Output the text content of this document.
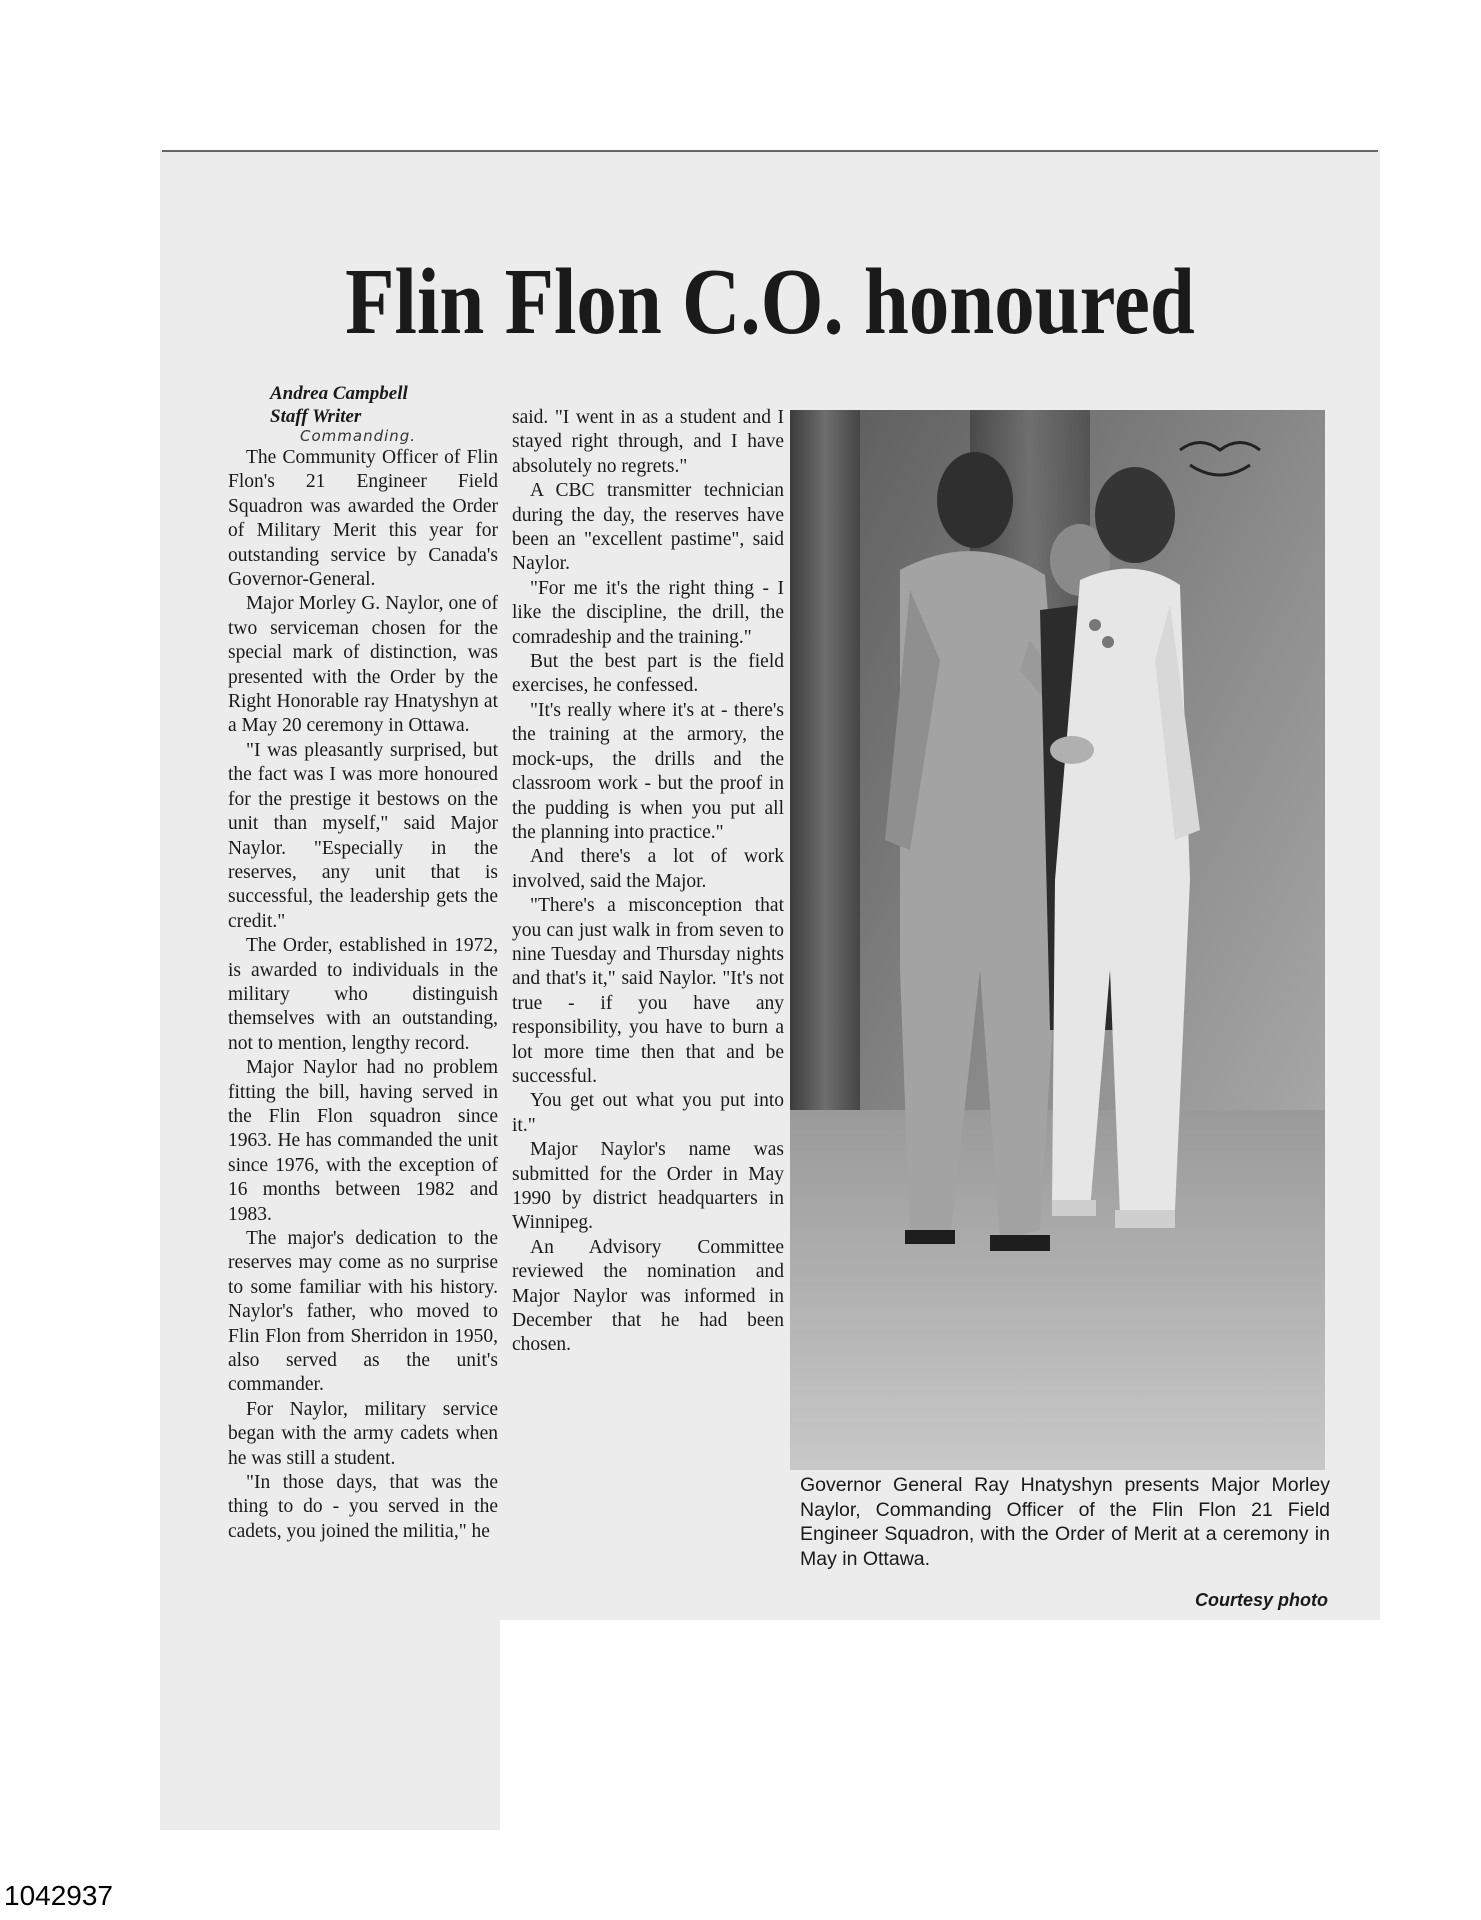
Flin Flon C.O. honoured
Andrea Campbell
Staff Writer
Commanding.

The Community Officer of Flin Flon's 21 Engineer Field Squadron was awarded the Order of Military Merit this year for outstanding service by Canada's Governor-General.

Major Morley G. Naylor, one of two serviceman chosen for the special mark of distinction, was presented with the Order by the Right Honorable ray Hnatyshyn at a May 20 ceremony in Ottawa.

"I was pleasantly surprised, but the fact was I was more honoured for the prestige it bestows on the unit than myself," said Major Naylor. "Especially in the reserves, any unit that is successful, the leadership gets the credit."

The Order, established in 1972, is awarded to individuals in the military who distinguish themselves with an outstanding, not to mention, lengthy record.

Major Naylor had no problem fitting the bill, having served in the Flin Flon squadron since 1963. He has commanded the unit since 1976, with the exception of 16 months between 1982 and 1983.

The major's dedication to the reserves may come as no surprise to some familiar with his history. Naylor's father, who moved to Flin Flon from Sherridon in 1950, also served as the unit's commander.

For Naylor, military service began with the army cadets when he was still a student.

"In those days, that was the thing to do - you served in the cadets, you joined the militia," he

said. "I went in as a student and I stayed right through, and I have absolutely no regrets."

A CBC transmitter technician during the day, the reserves have been an "excellent pastime", said Naylor.

"For me it's the right thing - I like the discipline, the drill, the comradeship and the training."

But the best part is the field exercises, he confessed.

"It's really where it's at - there's the training at the armory, the mock-ups, the drills and the classroom work - but the proof in the pudding is when you put all the planning into practice."

And there's a lot of work involved, said the Major.

"There's a misconception that you can just walk in from seven to nine Tuesday and Thursday nights and that's it," said Naylor. "It's not true - if you have any responsibility, you have to burn a lot more time then that and be successful.

You get out what you put into it."

Major Naylor's name was submitted for the Order in May 1990 by district headquarters in Winnipeg.

An Advisory Committee reviewed the nomination and Major Naylor was informed in December that he had been chosen.

Governor General Ray Hnatyshyn presents Major Morley Naylor, Commanding Officer of the Flin Flon 21 Field Engineer Squadron, with the Order of Merit at a ceremony in May in Ottawa.
Courtesy photo
1042937
